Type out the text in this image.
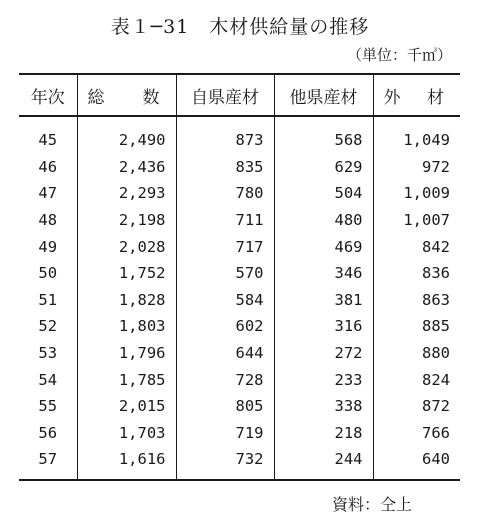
表１─31　木材供給量の推移
（単位：千㎥）
年次	総 数	自県産材	他県産材	外 材

45	2,490	873	568	1,049
46	2,436	835	629	972
47	2,293	780	504	1,009
48	2,198	711	480	1,007
49	2,028	717	469	842
50	1,752	570	346	836
51	1,828	584	381	863
52	1,803	602	316	885
53	1,796	644	272	880
54	1,785	728	233	824
55	2,015	805	338	872
56	1,703	719	218	766
57	1,616	732	244	640
資料：仝上
